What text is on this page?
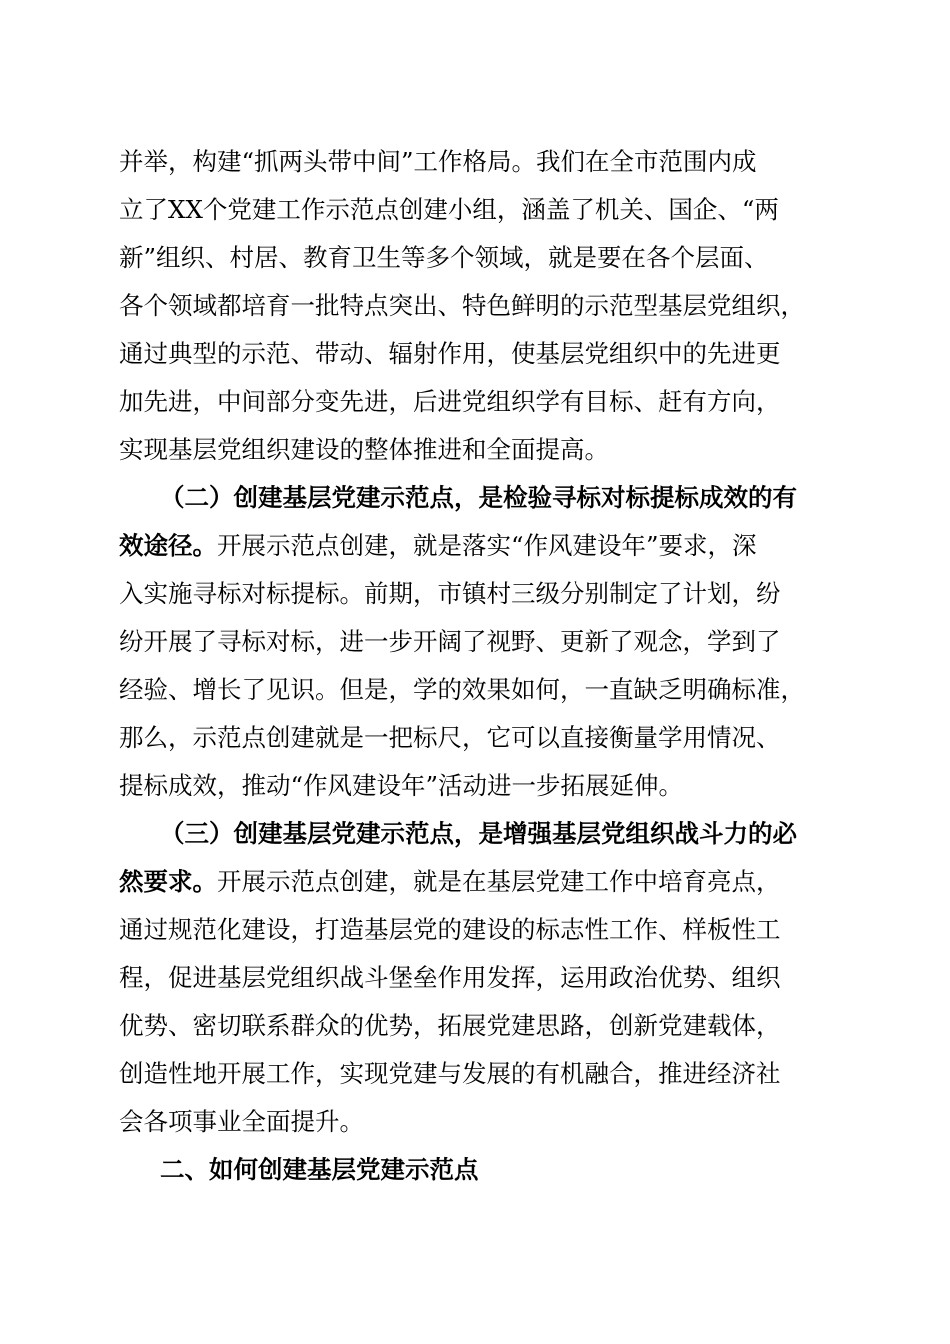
并举，构建“抓两头带中间”工作格局。我们在全市范围内成
立了XX个党建工作示范点创建小组，涵盖了机关、国企、“两
新”组织、村居、教育卫生等多个领域，就是要在各个层面、
各个领域都培育一批特点突出、特色鲜明的示范型基层党组织，
通过典型的示范、带动、辐射作用，使基层党组织中的先进更
加先进，中间部分变先进，后进党组织学有目标、赶有方向，
实现基层党组织建设的整体推进和全面提高。
（二）创建基层党建示范点，是检验寻标对标提标成效的有
效途径。 开展示范点创建，就是落实“作风建设年”要求，深
入实施寻标对标提标。前期，市镇村三级分别制定了计划，纷
纷开展了寻标对标，进一步开阔了视野、更新了观念，学到了
经验、增长了见识。但是，学的效果如何，一直缺乏明确标准，
那么，示范点创建就是一把标尺，它可以直接衡量学用情况、
提标成效，推动“作风建设年”活动进一步拓展延伸。
（三）创建基层党建示范点，是增强基层党组织战斗力的必
然要求。 开展示范点创建，就是在基层党建工作中培育亮点，
通过规范化建设，打造基层党的建设的标志性工作、样板性工
程，促进基层党组织战斗堡垒作用发挥，运用政治优势、组织
优势、密切联系群众的优势，拓展党建思路，创新党建载体，
创造性地开展工作，实现党建与发展的有机融合，推进经济社
会各项事业全面提升。
二、如何创建基层党建示范点
